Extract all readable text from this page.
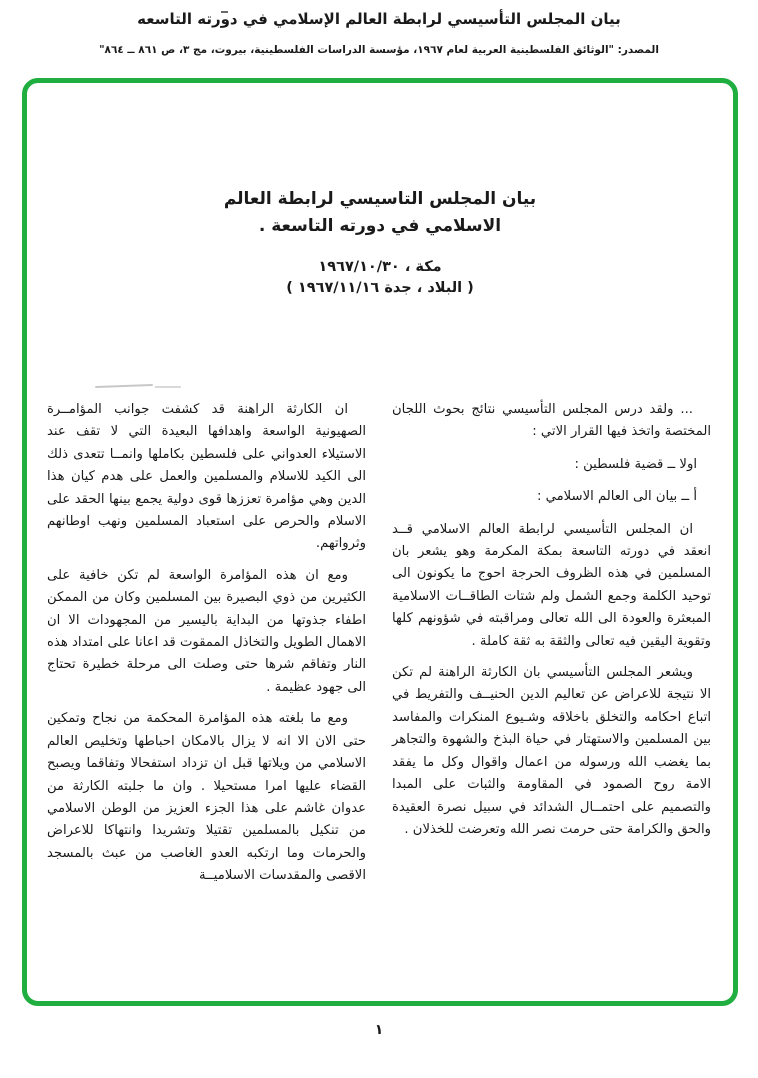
بيان المجلس التأسيسي لرابطة العالم الإسلامي في دورته التاسعه
المصدر: "الوثائق الفلسطينية العربية لعام ١٩٦٧، مؤسسة الدراسات الفلسطينية، بيروت، مج ٣، ص ٨٦١ ــ ٨٦٤"
بيان المجلس التاسيسي لرابطة العالم
الاسلامي في دورته التاسعة .
مكة ، ١٩٦٧/١٠/٣٠
( البلاد ، جدة ١٩٦٧/١١/١٦ )

... ولقد درس المجلس التأسيسي نتائج بحوث اللجان المختصة واتخذ فيها القرار الاتي :

اولا ــ قضية فلسطين :

أ ــ بيان الى العالم الاسلامي :

ان المجلس التأسيسي لرابطة العالم الاسلامي قــد انعقد في دورته التاسعة بمكة المكرمة وهو يشعر بان المسلمين في هذه الظروف الحرجة احوج ما يكونون الى توحيد الكلمة وجمع الشمل ولم شتات الطاقــات الاسلامية المبعثرة والعودة الى الله تعالى ومراقبته في شؤونهم كلها وتقوية اليقين فيه تعالى والثقة به ثقة كاملة .

ويشعر المجلس التأسيسي بان الكارثة الراهنة لم تكن الا نتيجة للاعراض عن تعاليم الدين الحنيــف والتفريط في اتباع احكامه والتخلق باخلاقه وشـيوع المنكرات والمفاسد بين المسلمين والاستهتار في حياة البذخ والشهوة والتجاهر بما يغضب الله ورسوله من اعمال واقوال وكل ما يفقد الامة روح الصمود في المقاومة والثبات على المبدا والتصميم على احتمــال الشدائد في سبيل نصرة العقيدة والحق والكرامة حتى حرمت نصر الله وتعرضت للخذلان .

ان الكارثة الراهنة قد كشفت جوانب المؤامــرة الصهيونية الواسعة واهدافها البعيدة التي لا تقف عند الاستيلاء العدواني على فلسطين بكاملها وانمــا تتعدى ذلك الى الكيد للاسلام والمسلمين والعمل على هدم كيان هذا الدين وهي مؤامرة تعززها قوى دولية يجمع بينها الحقد على الاسلام والحرص على استعباد المسلمين ونهب اوطانهم وثرواتهم.

ومع ان هذه المؤامرة الواسعة لم تكن خافية على الكثيرين من ذوي البصيرة بين المسلمين وكان من الممكن اطفاء جذوتها من البداية باليسير من المجهودات الا ان الاهمال الطويل والتخاذل الممقوت قد اعانا على امتداد هذه النار وتفاقم شرها حتى وصلت الى مرحلة خطيرة تحتاج الى جهود عظيمة .

ومع ما بلغته هذه المؤامرة المحكمة من نجاح وتمكين حتى الان الا انه لا يزال بالامكان احباطها وتخليص العالم الاسلامي من ويلاتها قبل ان تزداد استفحالا وتفاقما ويصبح القضاء عليها امرا مستحيلا . وان ما جلبته الكارثة من عدوان غاشم على هذا الجزء العزيز من الوطن الاسلامي من تنكيل بالمسلمين تقتيلا وتشريدا وانتهاكا للاعراض والحرمات وما ارتكبه العدو الغاصب من عبث بالمسجد الاقصى والمقدسات الاسلاميــة

١
